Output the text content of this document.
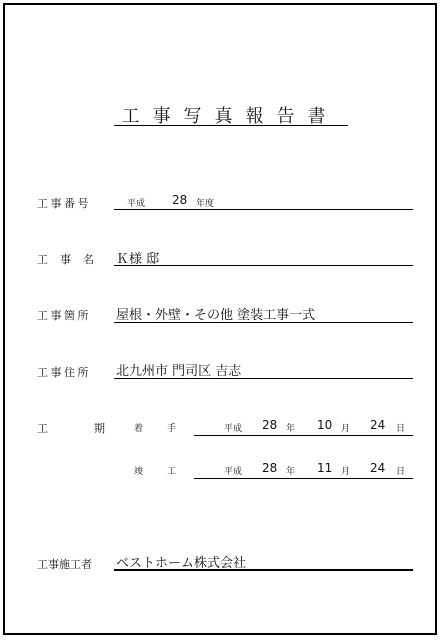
工事写真報告書
工事番号	平成 28 年度
工事名 Ｋ様 邸
工事箇所 屋根・外壁・その他 塗装工事一式
工事住所 北九州市 門司区 吉志
工期
着手	平成 28 年 10 月 24 日
竣工	平成 28 年 11 月 24 日
工事施工者 ベストホーム株式会社
